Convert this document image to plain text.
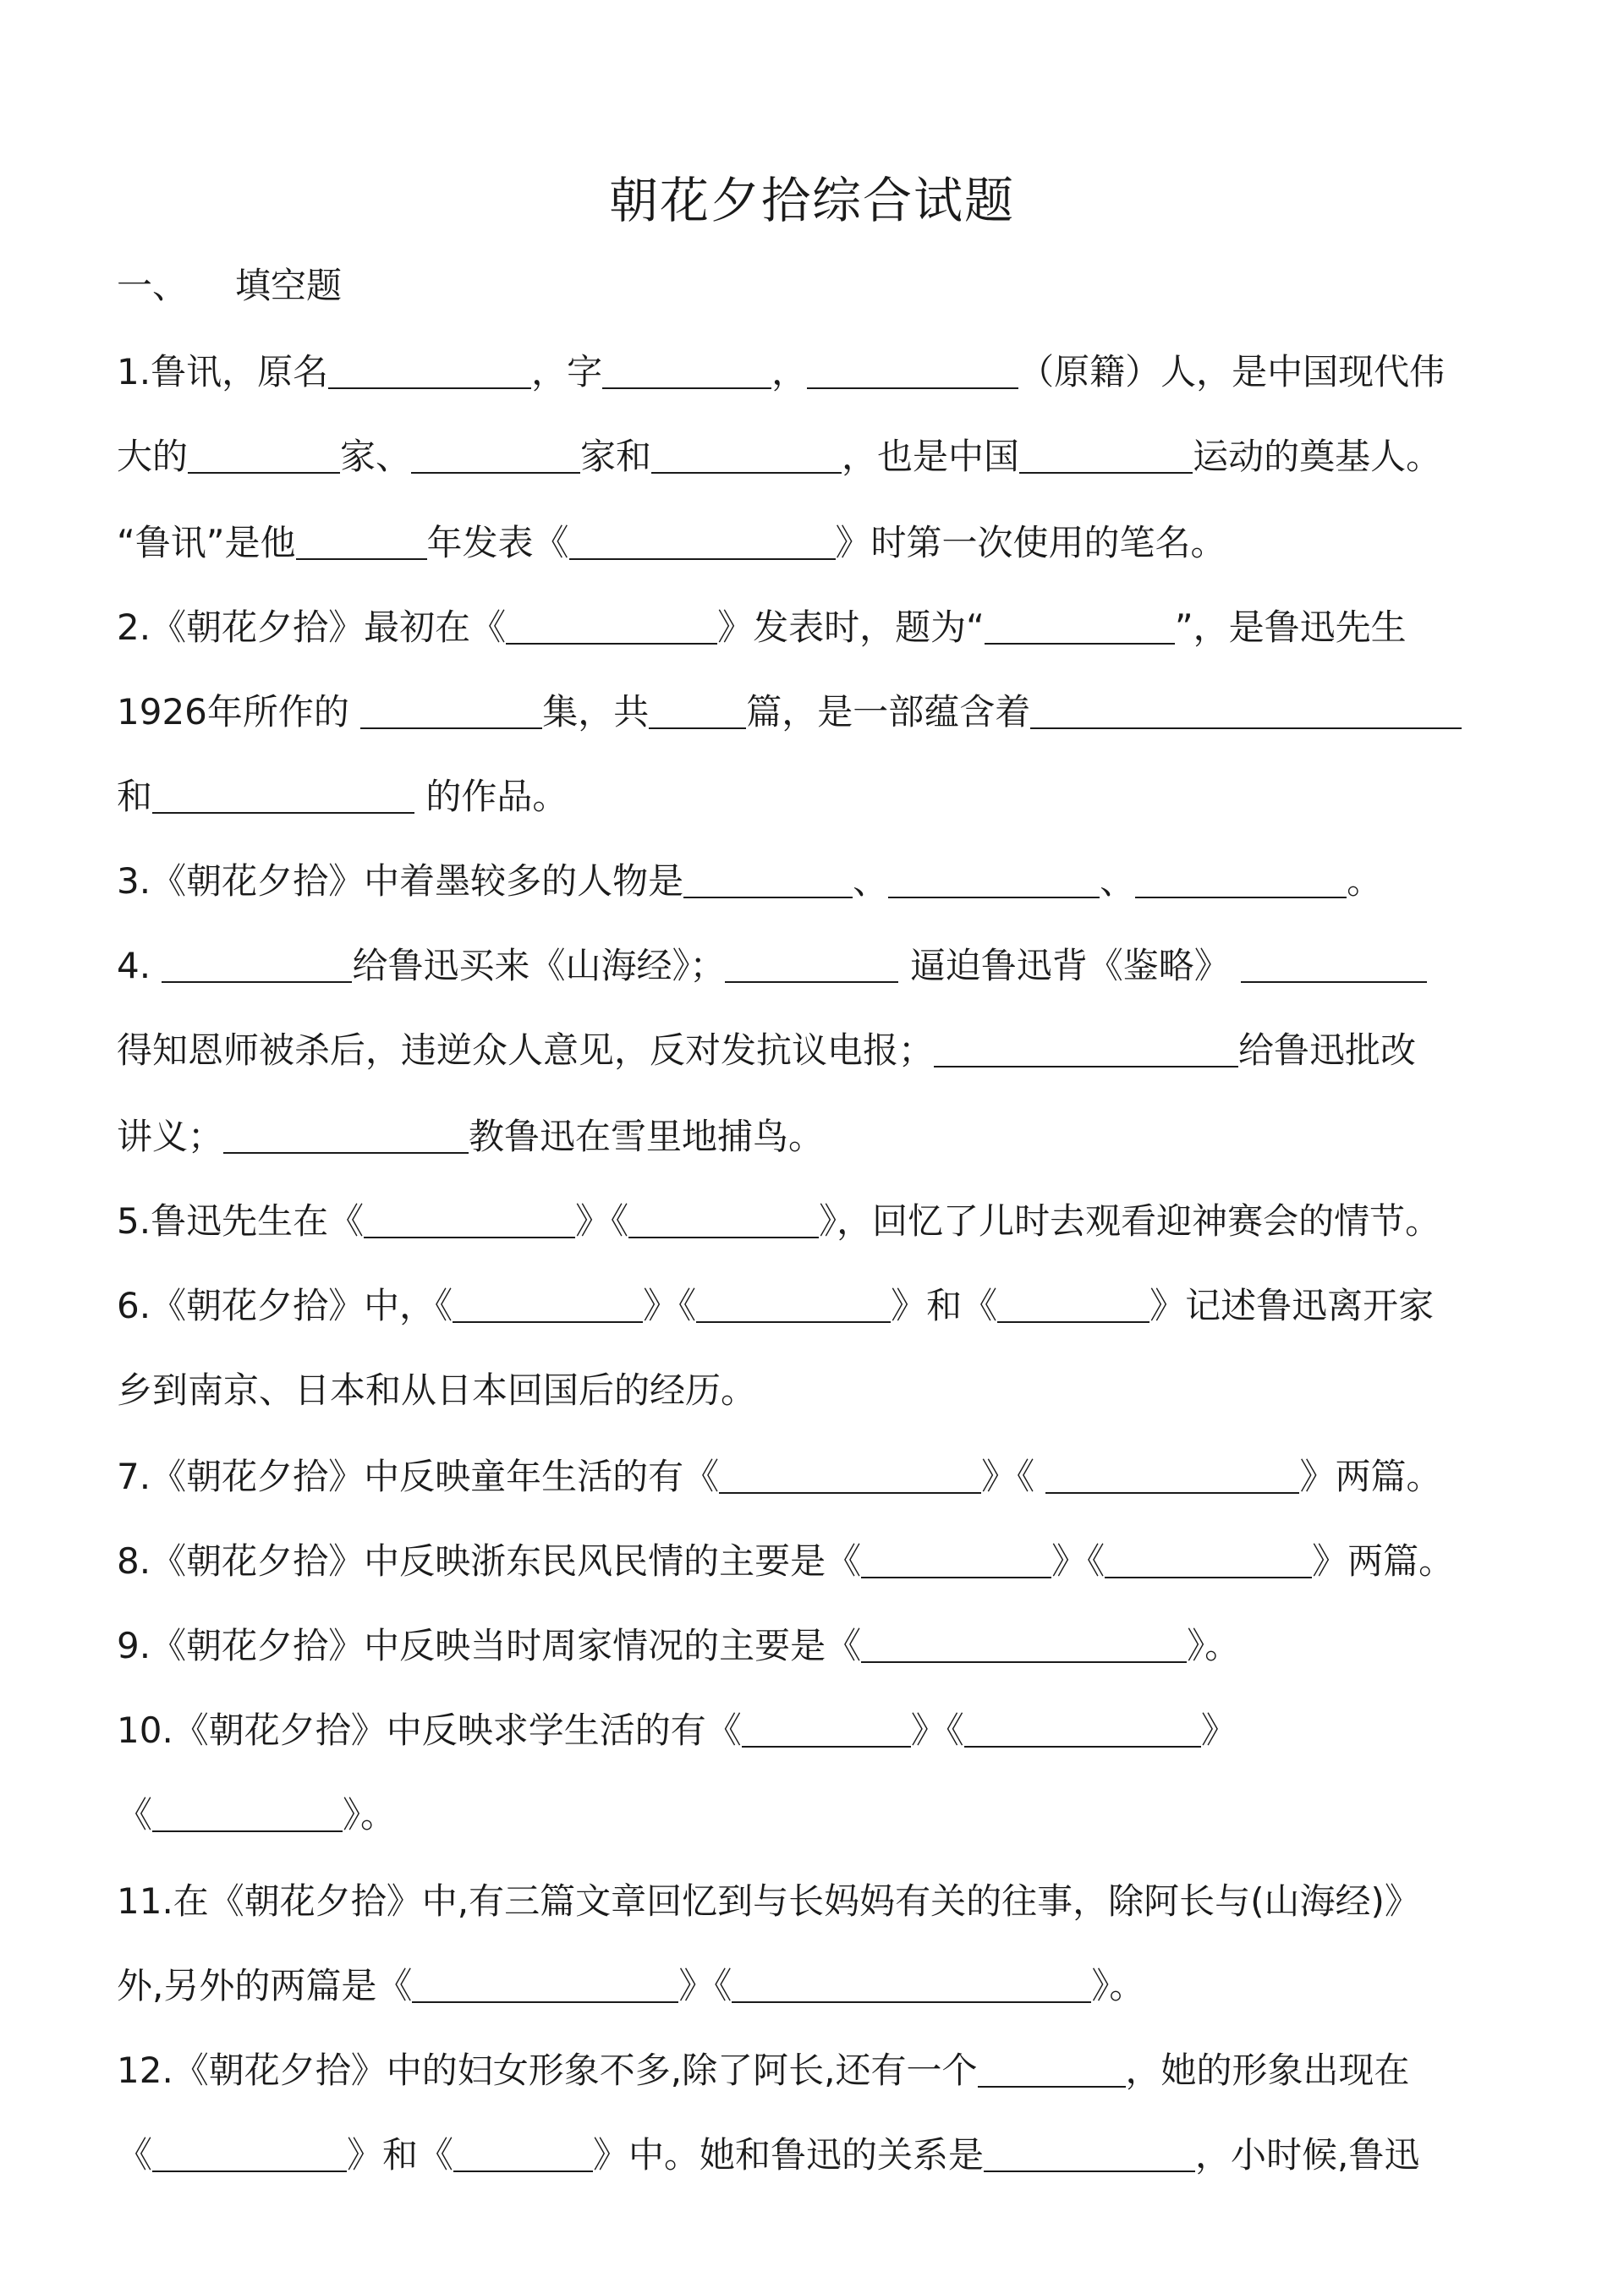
朝花夕拾综合试题
一、 填空题
1.鲁讯，原名	，字	，	（原籍）人，是中国现代伟
大的	家、	家和	，也是中国	运动的奠基人。
“鲁讯”是他	年发表《	》时第一次使用的笔名。
2.《朝花夕拾》最初在《	》发表时，题为“	”，是鲁迅先生
1926年所作的	集，共	篇，是一部蕴含着
和	的作品。
3.《朝花夕拾》中着墨较多的人物是	、	、	。
4.	给鲁迅买来《山海经》；	逼迫鲁迅背《鉴略》
得知恩师被杀后，违逆众人意见，反对发抗议电报；	给鲁迅批改
讲义；	教鲁迅在雪里地捕鸟。
5.鲁迅先生在《	》《	》，回忆了儿时去观看迎神赛会的情节。
6.《朝花夕拾》中，《	》《	》和《	》记述鲁迅离开家
乡到南京、日本和从日本回国后的经历。
7.《朝花夕拾》中反映童年生活的有《	》《	》两篇。
8.《朝花夕拾》中反映浙东民风民情的主要是《	》《	》两篇。
9.《朝花夕拾》中反映当时周家情况的主要是《	》。
10.《朝花夕拾》中反映求学生活的有《	》《	》
《	》。
11.在《朝花夕拾》中,有三篇文章回忆到与长妈妈有关的往事，除阿长与(山海经)》
外,另外的两篇是《	》《	》。
12.《朝花夕拾》中的妇女形象不多,除了阿长,还有一个	，她的形象出现在
《	》和《	》中。她和鲁迅的关系是	，小时候,鲁迅
